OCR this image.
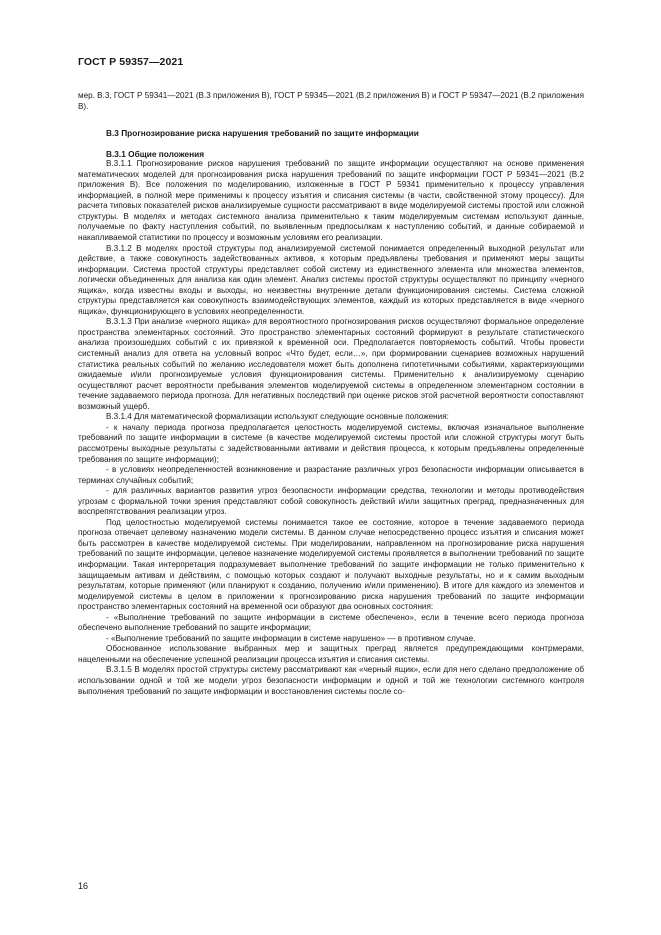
ГОСТ Р 59357—2021

мер. В.3, ГОСТ Р 59341—2021 (В.3 приложения В), ГОСТ Р 59345—2021 (В.2 приложения В) и ГОСТ Р 59347—2021 (В.2 приложения В).

В.3 Прогнозирование риска нарушения требований по защите информации

В.3.1 Общие положения

В.3.1.1 Прогнозирование рисков нарушения требований по защите информации осуществляют на основе применения математических моделей для прогнозирования риска нарушения требований по защите информации ГОСТ Р 59341—2021 (В.2 приложения В). Все положения по моделированию, изложенные в ГОСТ Р 59341 применительно к процессу управления информацией, в полной мере применимы к процессу изъятия и списания системы (в части, свойственной этому процессу). Для расчета типовых показателей рисков анализируемые сущности рассматривают в виде моделируемой системы простой или сложной структуры. В моделях и методах системного анализа применительно к таким моделируемым системам используют данные, получаемые по факту наступления событий, по выявленным предпосылкам к наступлению событий, и данные собираемой и накапливаемой статистики по процессу и возможным условиям его реализации.

В.3.1.2 В моделях простой структуры под анализируемой системой понимается определенный выходной результат или действие, а также совокупность задействованных активов, к которым предъявлены требования и применяют меры защиты информации. Система простой структуры представляет собой систему из единственного элемента или множества элементов, логически объединенных для анализа как один элемент. Анализ системы простой структуры осуществляют по принципу «черного ящика», когда известны входы и выходы, но неизвестны внутренние детали функционирования системы. Система сложной структуры представляется как совокупность взаимодействующих элементов, каждый из которых представляется в виде «черного ящика», функционирующего в условиях неопределенности.

В.3.1.3 При анализе «черного ящика» для вероятностного прогнозирования рисков осуществляют формальное определение пространства элементарных состояний. Это пространство элементарных состояний формируют в результате статистического анализа произошедших событий с их привязкой к временной оси. Предполагается повторяемость событий. Чтобы провести системный анализ для ответа на условный вопрос «Что будет, если…», при формировании сценариев возможных нарушений статистика реальных событий по желанию исследователя может быть дополнена гипотетичными событиями, характеризующими ожидаемые и/или прогнозируемые условия функционирования системы. Применительно к анализируемому сценарию осуществляют расчет вероятности пребывания элементов моделируемой системы в определенном элементарном состоянии в течение задаваемого периода прогноза. Для негативных последствий при оценке рисков этой расчетной вероятности сопоставляют возможный ущерб.

В.3.1.4 Для математической формализации используют следующие основные положения:

- к началу периода прогноза предполагается целостность моделируемой системы, включая изначальное выполнение требований по защите информации в системе (в качестве моделируемой системы простой или сложной структуры могут быть рассмотрены выходные результаты с задействованными активами и действия процесса, к которым предъявлены определенные требования по защите информации);

- в условиях неопределенностей возникновение и разрастание различных угроз безопасности информации описывается в терминах случайных событий;

- для различных вариантов развития угроз безопасности информации средства, технологии и методы противодействия угрозам с формальной точки зрения представляют собой совокупность действий и/или защитных преград, предназначенных для воспрепятствования реализации угроз.

Под целостностью моделируемой системы понимается такое ее состояние, которое в течение задаваемого периода прогноза отвечает целевому назначению модели системы. В данном случае непосредственно процесс изъятия и списания может быть рассмотрен в качестве моделируемой системы. При моделировании, направленном на прогнозирование риска нарушения требований по защите информации, целевое назначение моделируемой системы проявляется в выполнении требований по защите информации. Такая интерпретация подразумевает выполнение требований по защите информации не только применительно к защищаемым активам и действиям, с помощью которых создают и получают выходные результаты, но и к самим выходным результатам, которые применяют (или планируют к созданию, получению и/или применению). В итоге для каждого из элементов и моделируемой системы в целом в приложении к прогнозированию риска нарушения требований по защите информации пространство элементарных состояний на временной оси образуют два основных состояния:

- «Выполнение требований по защите информации в системе обеспечено», если в течение всего периода прогноза обеспечено выполнение требований по защите информации;

- «Выполнение требований по защите информации в системе нарушено» — в противном случае.

Обоснованное использование выбранных мер и защитных преград является предупреждающими контрмерами, нацеленными на обеспечение успешной реализации процесса изъятия и списания системы.

В.3.1.5 В моделях простой структуры систему рассматривают как «черный ящик», если для него сделано предположение об использовании одной и той же модели угроз безопасности информации и одной и той же технологии системного контроля выполнения требований по защите информации и восстановления системы после со-

16
